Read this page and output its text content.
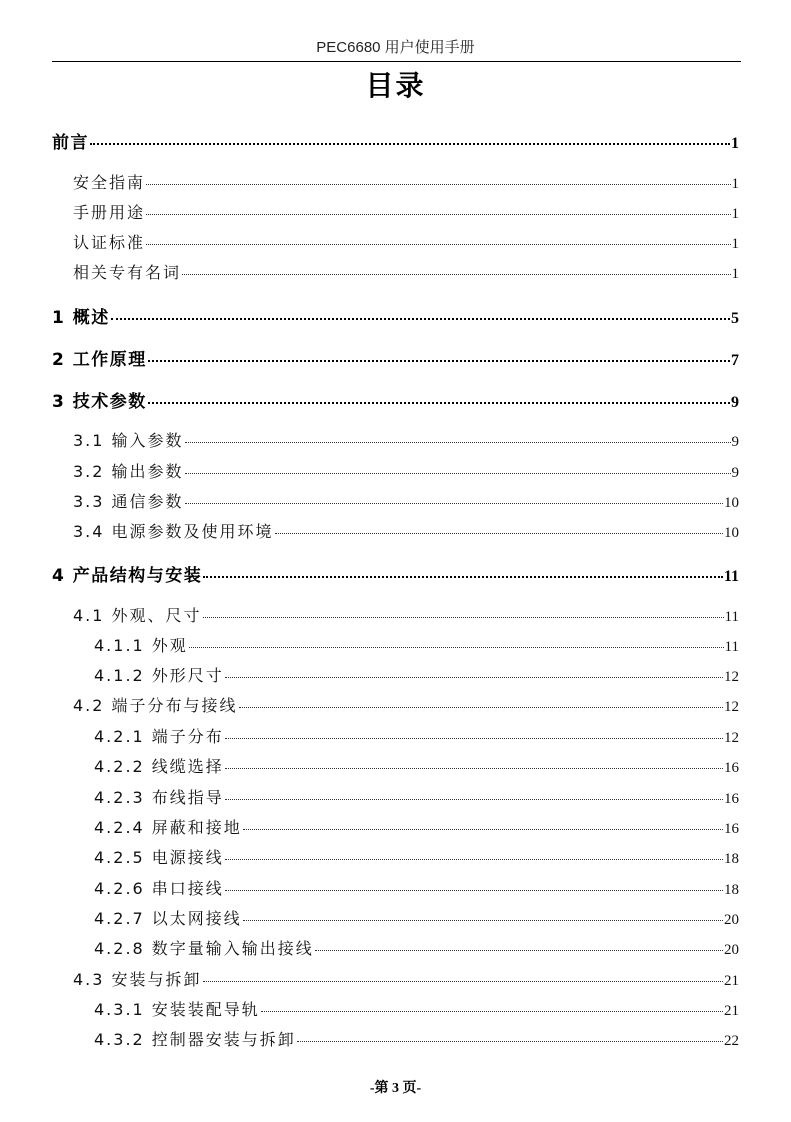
PEC6680 用户使用手册
目录
前言	1
安全指南	1
手册用途	1
认证标准	1
相关专有名词	1
1 概述	5
2 工作原理	7
3 技术参数	9
3.1 输入参数	9
3.2 输出参数	9
3.3 通信参数	10
3.4 电源参数及使用环境	10
4 产品结构与安装	11
4.1 外观、尺寸	11
4.1.1 外观	11
4.1.2 外形尺寸	12
4.2 端子分布与接线	12
4.2.1 端子分布	12
4.2.2 线缆选择	16
4.2.3 布线指导	16
4.2.4 屏蔽和接地	16
4.2.5 电源接线	18
4.2.6 串口接线	18
4.2.7 以太网接线	20
4.2.8 数字量输入输出接线	20
4.3 安装与拆卸	21
4.3.1 安装装配导轨	21
4.3.2 控制器安装与拆卸	22
-第 3 页-
